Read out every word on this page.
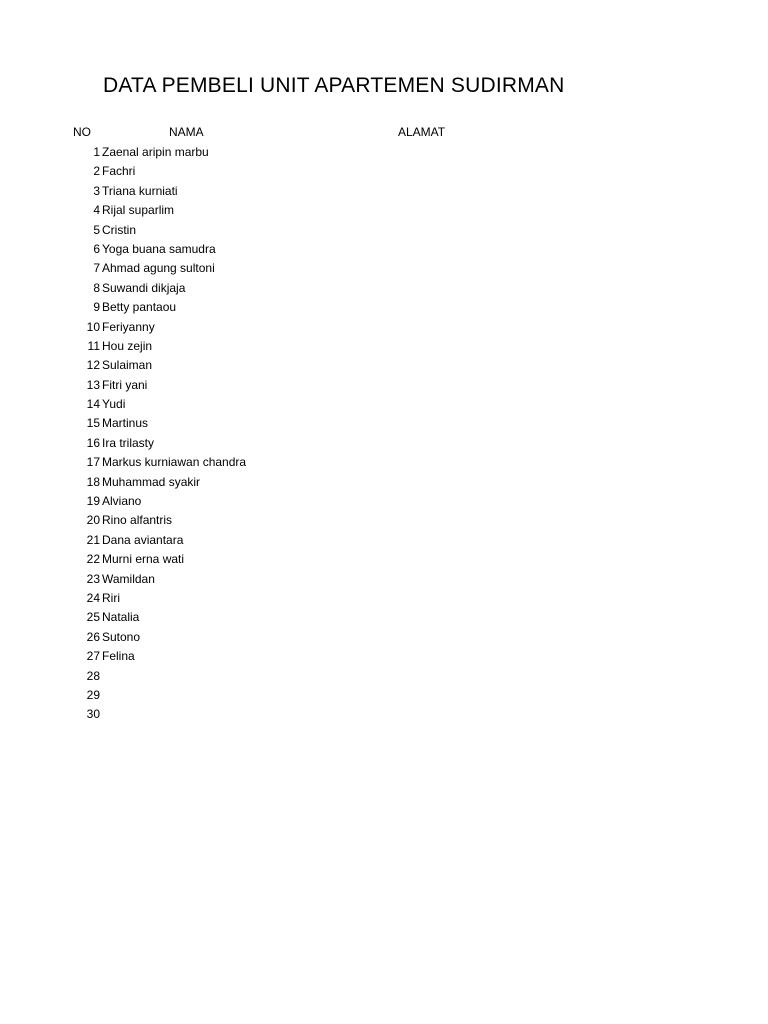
DATA PEMBELI UNIT APARTEMEN SUDIRMAN
NO	NAMA	ALAMAT
1 Zaenal aripin marbu
2 Fachri
3 Triana kurniati
4 Rijal suparlim
5 Cristin
6 Yoga buana samudra
7 Ahmad agung sultoni
8 Suwandi dikjaja
9 Betty pantaou
10 Feriyanny
11 Hou zejin
12 Sulaiman
13 Fitri yani
14 Yudi
15 Martinus
16 Ira trilasty
17 Markus kurniawan chandra
18 Muhammad syakir
19 Alviano
20 Rino alfantris
21 Dana aviantara
22 Murni erna wati
23 Wamildan
24 Riri
25 Natalia
26 Sutono
27 Felina
28
29
30
